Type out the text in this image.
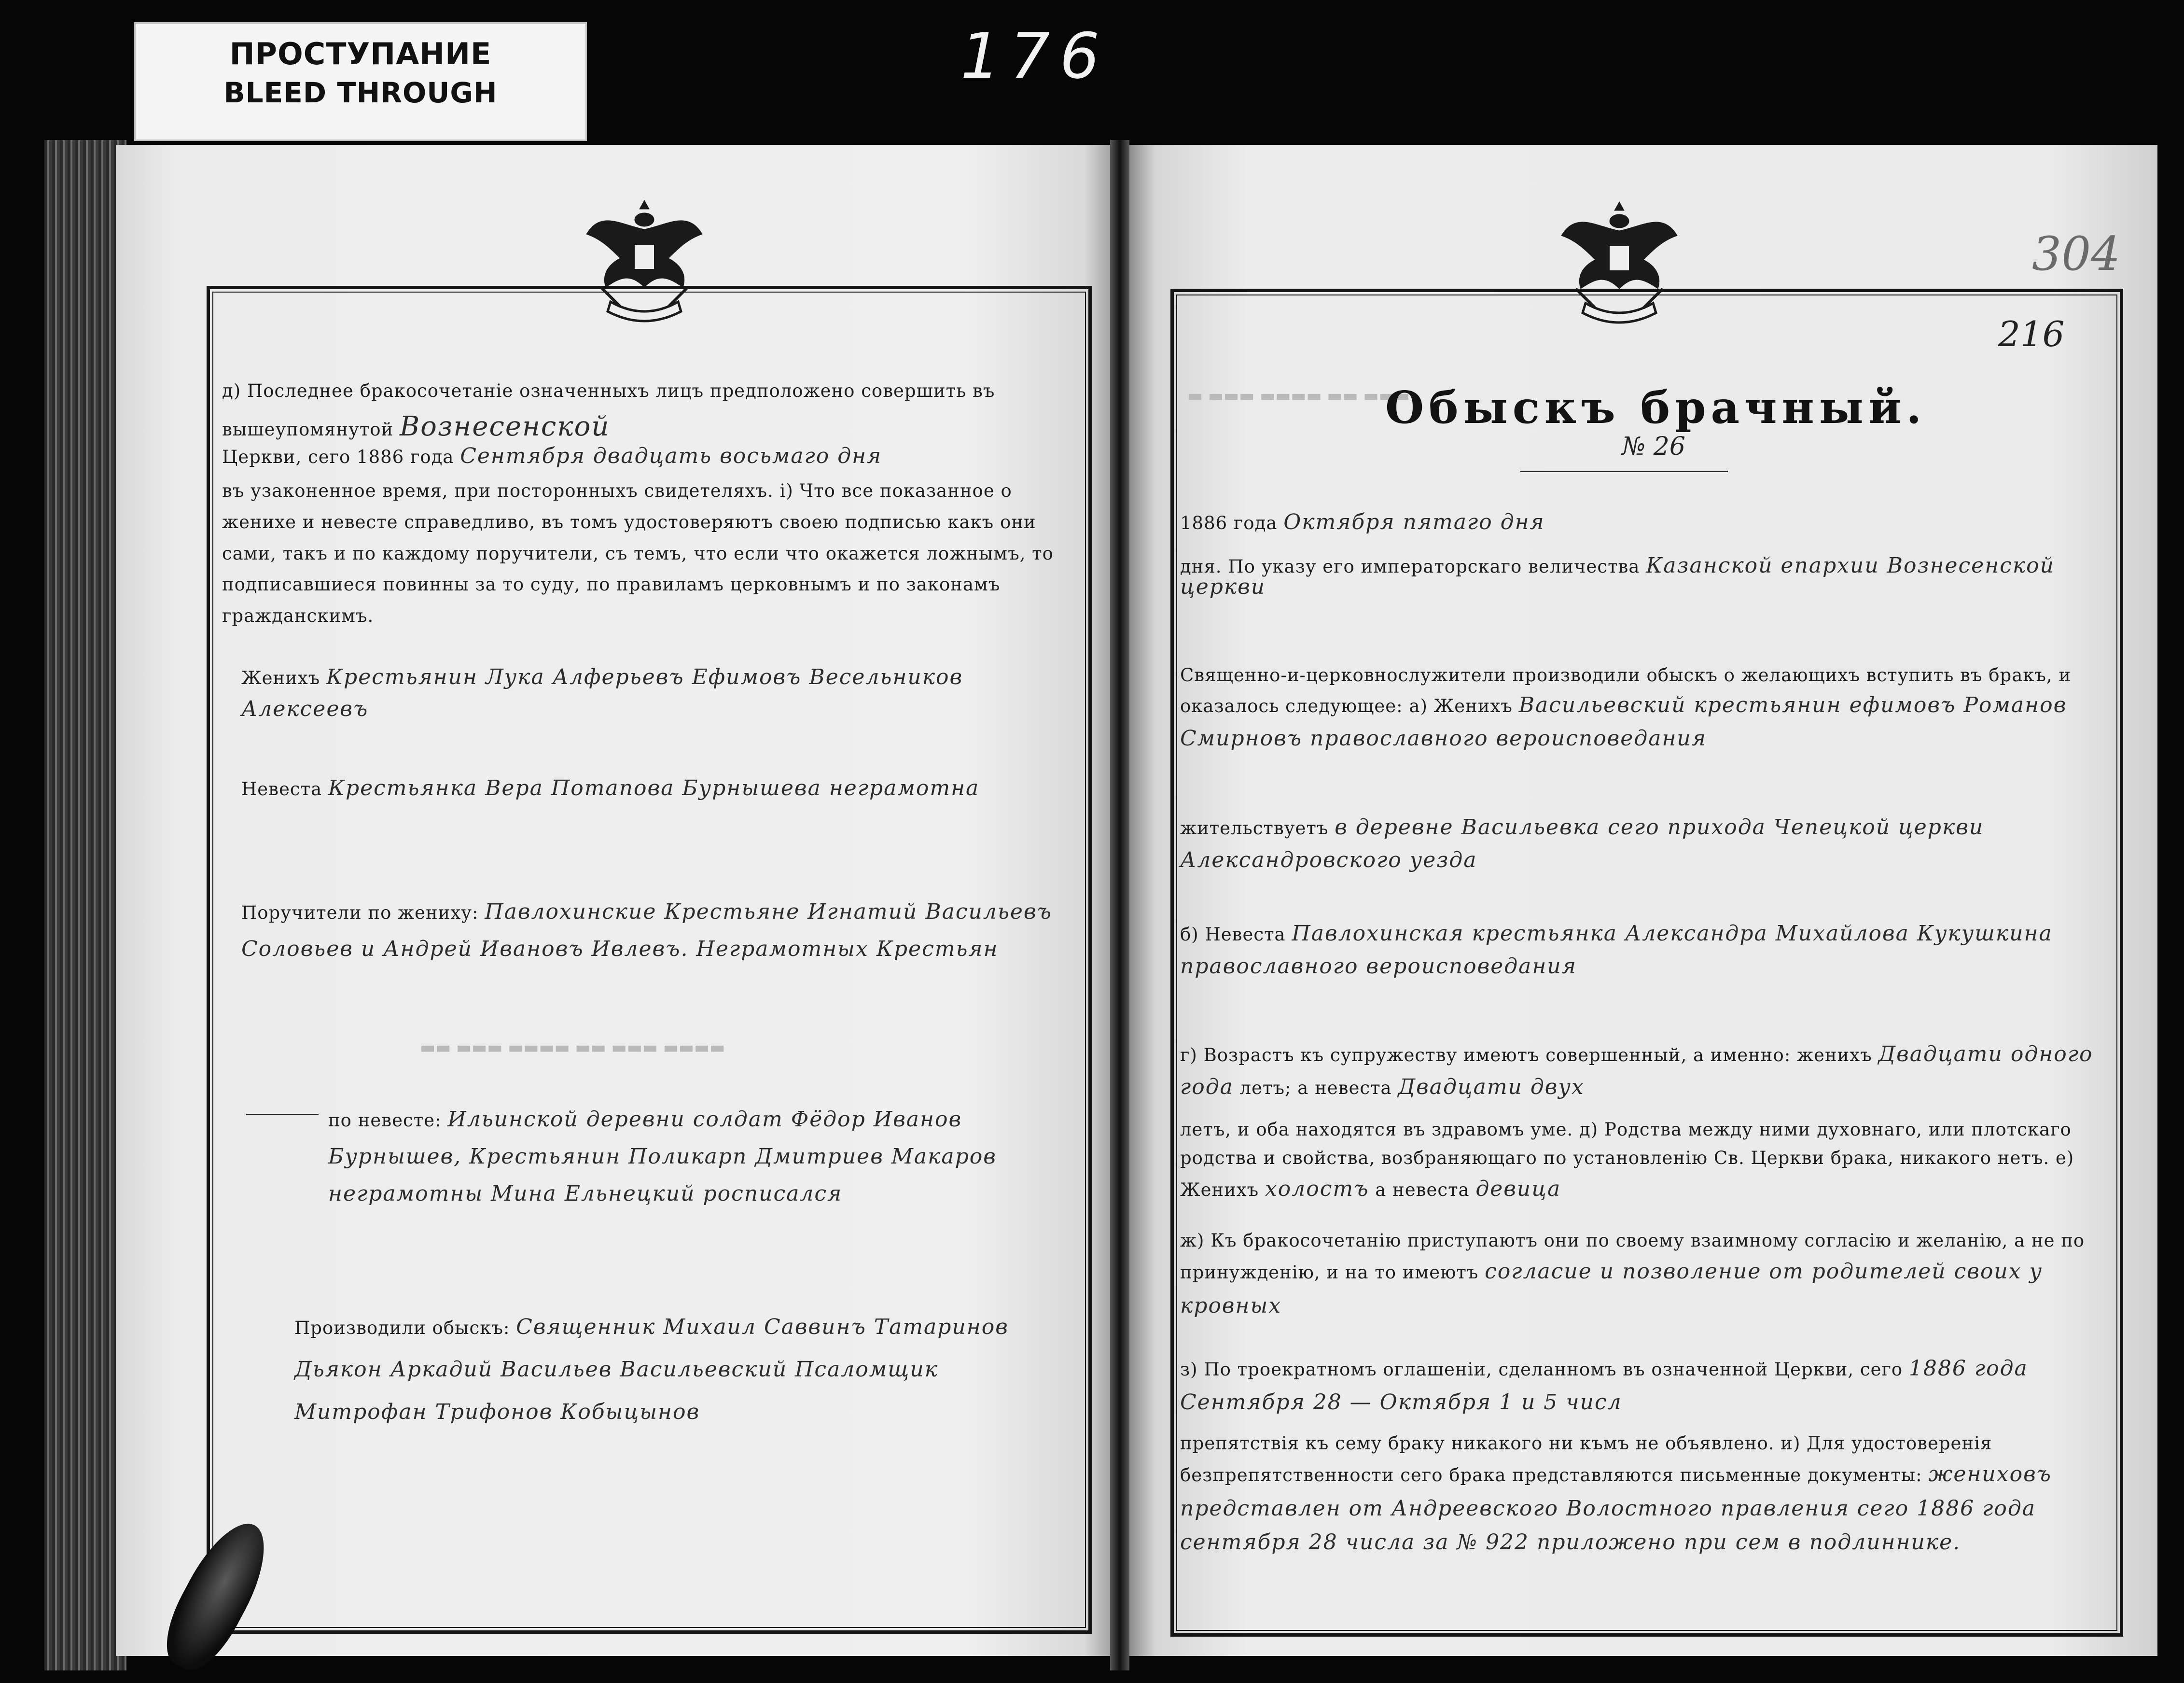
ПРОСТУПАНИЕ
BLEED THROUGH	176
▬ ▬▬▬ ▬▬▬▬ ▬▬ ▬▬▬
▬▬ ▬▬▬ ▬▬▬▬ ▬▬ ▬▬▬ ▬▬▬▬
304
216
Обыскъ брачный.
№ 26
1886 года Октября пятаго дня
дня. По указу его императорскаго величества Казанской епархии Вознесенской церкви
Священно-и-церковнослужители производили обыскъ о желающихъ вступить въ бракъ, и оказалось следующее: а) Женихъ Васильевский крестьянин ефимовъ Романов Смирновъ православного вероисповедания
жительствуетъ в деревне Васильевка сего прихода Чепецкой церкви Александровского уезда
б) Невеста Павлохинская крестьянка Александра Михайлова Кукушкина православного вероисповедания
г) Возрастъ къ супружеству имеютъ совершенный, а именно: женихъ Двадцати одного года летъ; а невеста Двадцати двух
летъ, и оба находятся въ здравомъ уме. д) Родства между ними духовнаго, или плотскаго родства и свойства, возбраняющаго по установленію Св. Церкви брака, никакого нетъ. е) Женихъ холостъ а невеста девица
ж) Къ бракосочетанію приступаютъ они по своему взаимному согласію и желанію, а не по принужденію, и на то имеютъ согласие и позволение от родителей своих у кровных
з) По троекратномъ оглашеніи, сделанномъ въ означенной Церкви, сего 1886 года Сентября 28 — Октября 1 и 5 числ
препятствія къ сему браку никакого ни къмъ не объявлено. и) Для удостоверенія безпрепятственности сего брака представляются письменные документы: жениховъ представлен от Андреевского Волостного правления сего 1886 года сентября 28 числа за № 922 приложено при сем в подлиннике.
д) Последнее бракосочетаніе означенныхъ лицъ предположено совершить въ вышеупомянутой Вознесенской
Церкви, сего 1886 года Сентября двадцать восьмаго дня
въ узаконенное время, при посторонныхъ свидетеляхъ. і) Что все показанное о женихе и невесте справедливо, въ томъ удостоверяютъ своею подписью какъ они сами, такъ и по каждому поручители, съ темъ, что если что окажется ложнымъ, то подписавшиеся повинны за то суду, по правиламъ церковнымъ и по законамъ гражданскимъ.
Женихъ Крестьянин Лука Алферьевъ Ефимовъ Весельников Алексеевъ
Невеста Крестьянка Вера Потапова Бурнышева неграмотна
Поручители по жениху: Павлохинские Крестьяне Игнатий Васильевъ Соловьев и Андрей Ивановъ Ивлевъ. Неграмотных Крестьян
по невесте: Ильинской деревни солдат Фёдор Иванов Бурнышев, Крестьянин Поликарп Дмитриев Макаров неграмотны Мина Ельнецкий росписался
Производили обыскъ: Священник Михаил Саввинъ Татаринов Дьякон Аркадий Васильев Васильевский Псаломщик Митрофан Трифонов Кобыцынов
